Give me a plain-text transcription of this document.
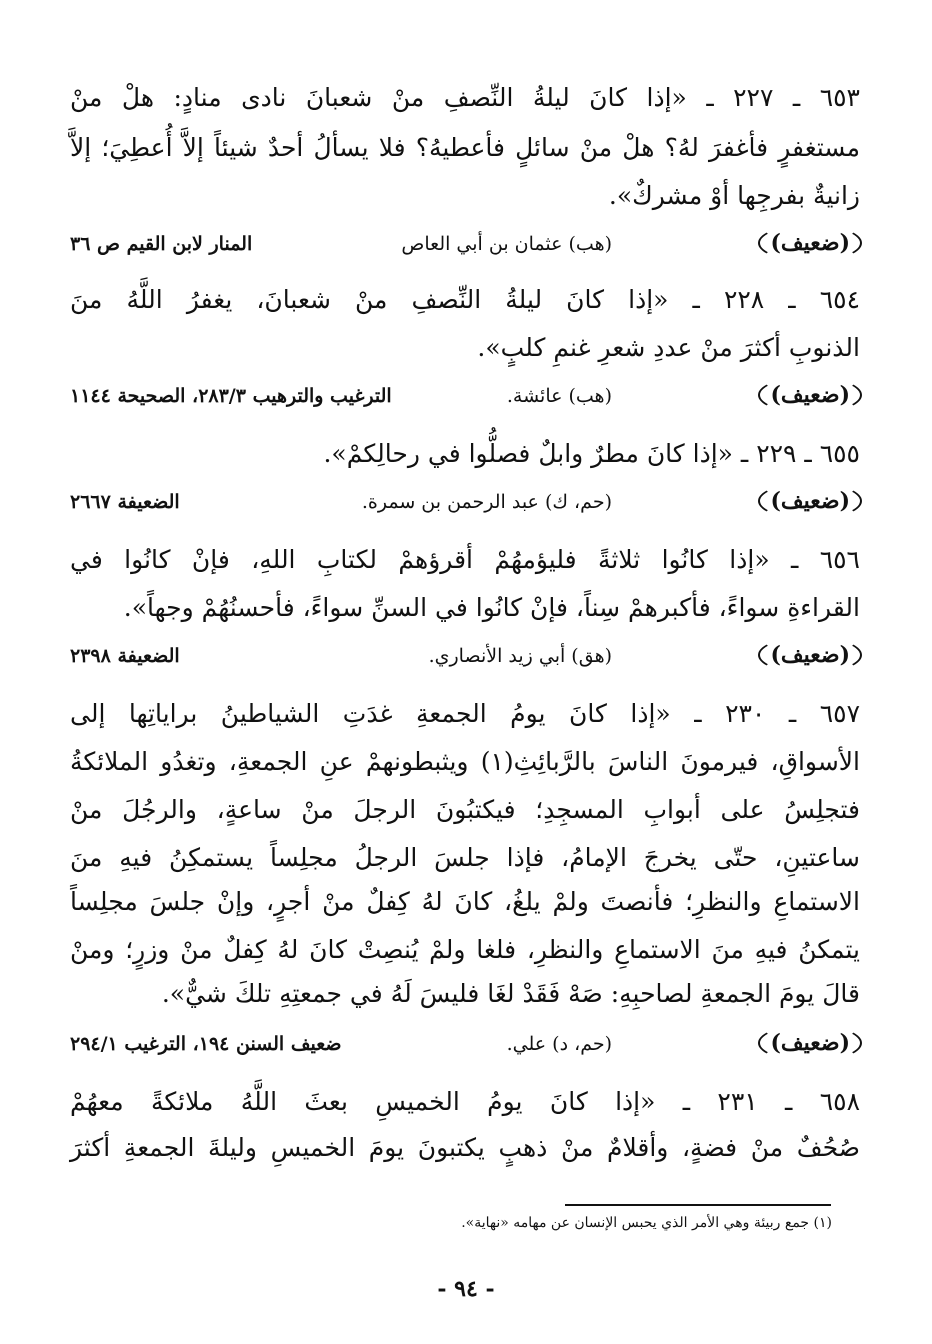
٦٥٣ ـ ٢٢٧ ـ «إذا كانَ ليلةُ النِّصفِ منْ شعبانَ نادى منادٍ: هلْ منْ
مستغفرٍ فأغفرَ لهُ؟ هلْ منْ سائلٍ فأعطيهُ؟ فلا يسألُ أحدٌ شيئاً إلاَّ أُعطِيَ؛ إلاَّ
زانيةٌ بفرجِها أوْ مشركٌ».
(ضعيف)
(هب) عثمان بن أبي العاص
المنار لابن القيم ص ٣٦
٦٥٤ ـ ٢٢٨ ـ «إذا كانَ ليلةُ النِّصفِ منْ شعبانَ، يغفرُ اللَّهُ منَ
الذنوبِ أكثرَ منْ عددِ شعرِ غنمِ كلبٍ».
(ضعيف)
(هب) عائشة.
الترغيب والترهيب ٢٨٣/٣، الصحيحة ١١٤٤
٦٥٥ ـ ٢٢٩ ـ «إذا كانَ مطرٌ وابلٌ فصلُّوا في رحالِكمْ».
(ضعيف)
(حم، ك) عبد الرحمن بن سمرة.
الضعيفة ٢٦٦٧
٦٥٦ ـ «إذا كانُوا ثلاثةً فليؤمهُمْ أقرؤهمْ لكتابِ اللهِ، فإنْ كانُوا في
القراءةِ سواءً، فأكبرهمْ سِناً، فإنْ كانُوا في السنِّ سواءً، فأحسنُهُمْ وجهاً».
(ضعيف)
(هق) أبي زيد الأنصاري.
الضعيفة ٢٣٩٨
٦٥٧ ـ ٢٣٠ ـ «إذا كانَ يومُ الجمعةِ غدَتِ الشياطينُ براياتِها إلى
الأسواقِ، فيرمونَ الناسَ بالرَّبائِثِ(١) ويثبطونهمْ عنِ الجمعةِ، وتغدُو الملائكةُ
فتجلِسُ على أبوابِ المسجِدِ؛ فيكتبُونَ الرجلَ منْ ساعةٍ، والرجُلَ منْ
ساعتينِ، حتّى يخرجَ الإمامُ، فإذا جلسَ الرجلُ مجلِساً يستمكِنُ فيهِ منَ
الاستماعِ والنظرِ؛ فأنصتَ ولمْ يلغُ، كانَ لهُ كِفلٌ منْ أجرٍ، وإنْ جلسَ مجلِساً
يتمكنُ فيهِ منَ الاستماعِ والنظرِ، فلغا ولمْ يُنصِتْ كانَ لهُ كِفلٌ منْ وزرٍ؛ ومنْ
قالَ يومَ الجمعةِ لصاحبِهِ: صَهْ فَقَدْ لغَا فليسَ لَهُ في جمعتِهِ تلكَ شيٌّ».
(ضعيف)
(حم، د) علي.
ضعيف السنن ١٩٤، الترغيب ٢٩٤/١
٦٥٨ ـ ٢٣١ ـ «إذا كانَ يومُ الخميسِ بعثَ اللَّهُ ملائكةً معهُمْ
صُحُفٌ منْ فضةٍ، وأقلامٌ منْ ذهبٍ يكتبونَ يومَ الخميسِ وليلةَ الجمعةِ أكثرَ
(١) جمع ربيئة وهي الأمر الذي يحبس الإنسان عن مهامه «نهاية».
- ٩٤ -
